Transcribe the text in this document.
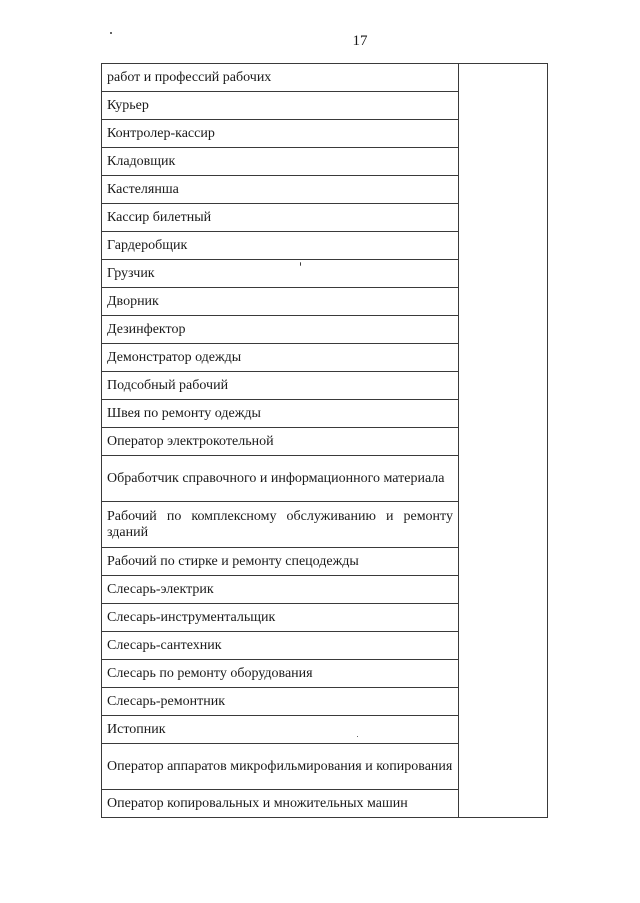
17
работ и профессий рабочих	
Курьер
Контролер-кассир
Кладовщик
Кастелянша
Кассир билетный
Гардеробщик
Грузчик
Дворник
Дезинфектор
Демонстратор одежды
Подсобный рабочий
Швея по ремонту одежды
Оператор электрокотельной
Обработчик справочного и информационного материала
Рабочий по комплексному обслуживанию и ремонту зданий
Рабочий по стирке и ремонту спецодежды
Слесарь-электрик
Слесарь-инструментальщик
Слесарь-сантехник
Слесарь по ремонту оборудования
Слесарь-ремонтник
Истопник
Оператор аппаратов микрофильмирования и копирования
Оператор копировальных и множительных машин
